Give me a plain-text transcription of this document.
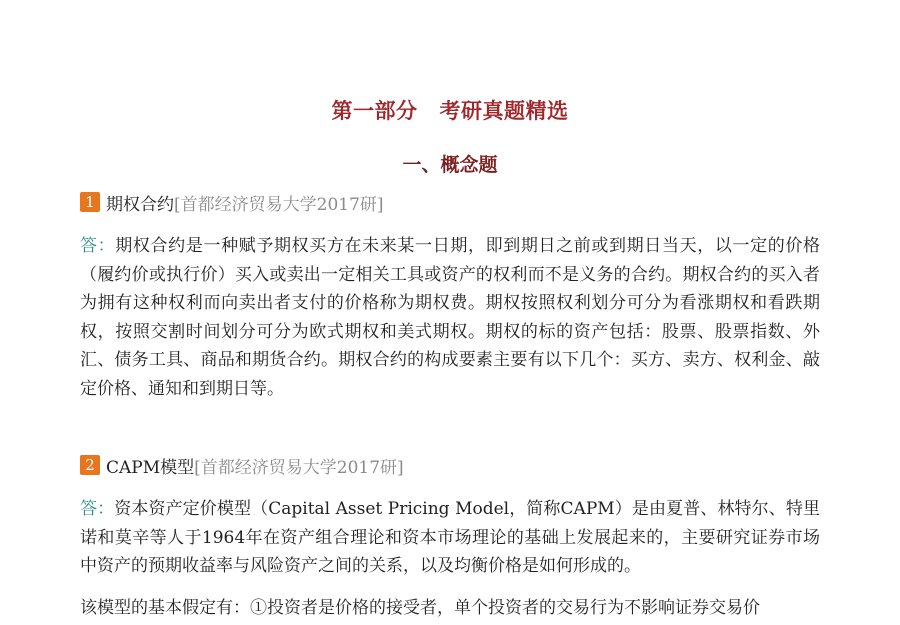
第一部分 考研真题精选
一、概念题
1 期权合约 [首都经济贸易大学2017研]

答：期权合约是一种赋予期权买方在未来某一日期，即到期日之前或到期日当天，以一定的价格（履约价或执行价）买入或卖出一定相关工具或资产的权利而不是义务的合约。期权合约的买入者为拥有这种权利而向卖出者支付的价格称为期权费。期权按照权利划分可分为看涨期权和看跌期权，按照交割时间划分可分为欧式期权和美式期权。期权的标的资产包括：股票、股票指数、外汇、债务工具、商品和期货合约。期权合约的构成要素主要有以下几个：买方、卖方、权利金、敲定价格、通知和到期日等。

2 CAPM模型 [首都经济贸易大学2017研]

答：资本资产定价模型（Capital Asset Pricing Model，简称CAPM）是由夏普、林特尔、特里诺和莫辛等人于1964年在资产组合理论和资本市场理论的基础上发展起来的，主要研究证券市场中资产的预期收益率与风险资产之间的关系，以及均衡价格是如何形成的。

该模型的基本假定有：①投资者是价格的接受者，单个投资者的交易行为不影响证券交易价
